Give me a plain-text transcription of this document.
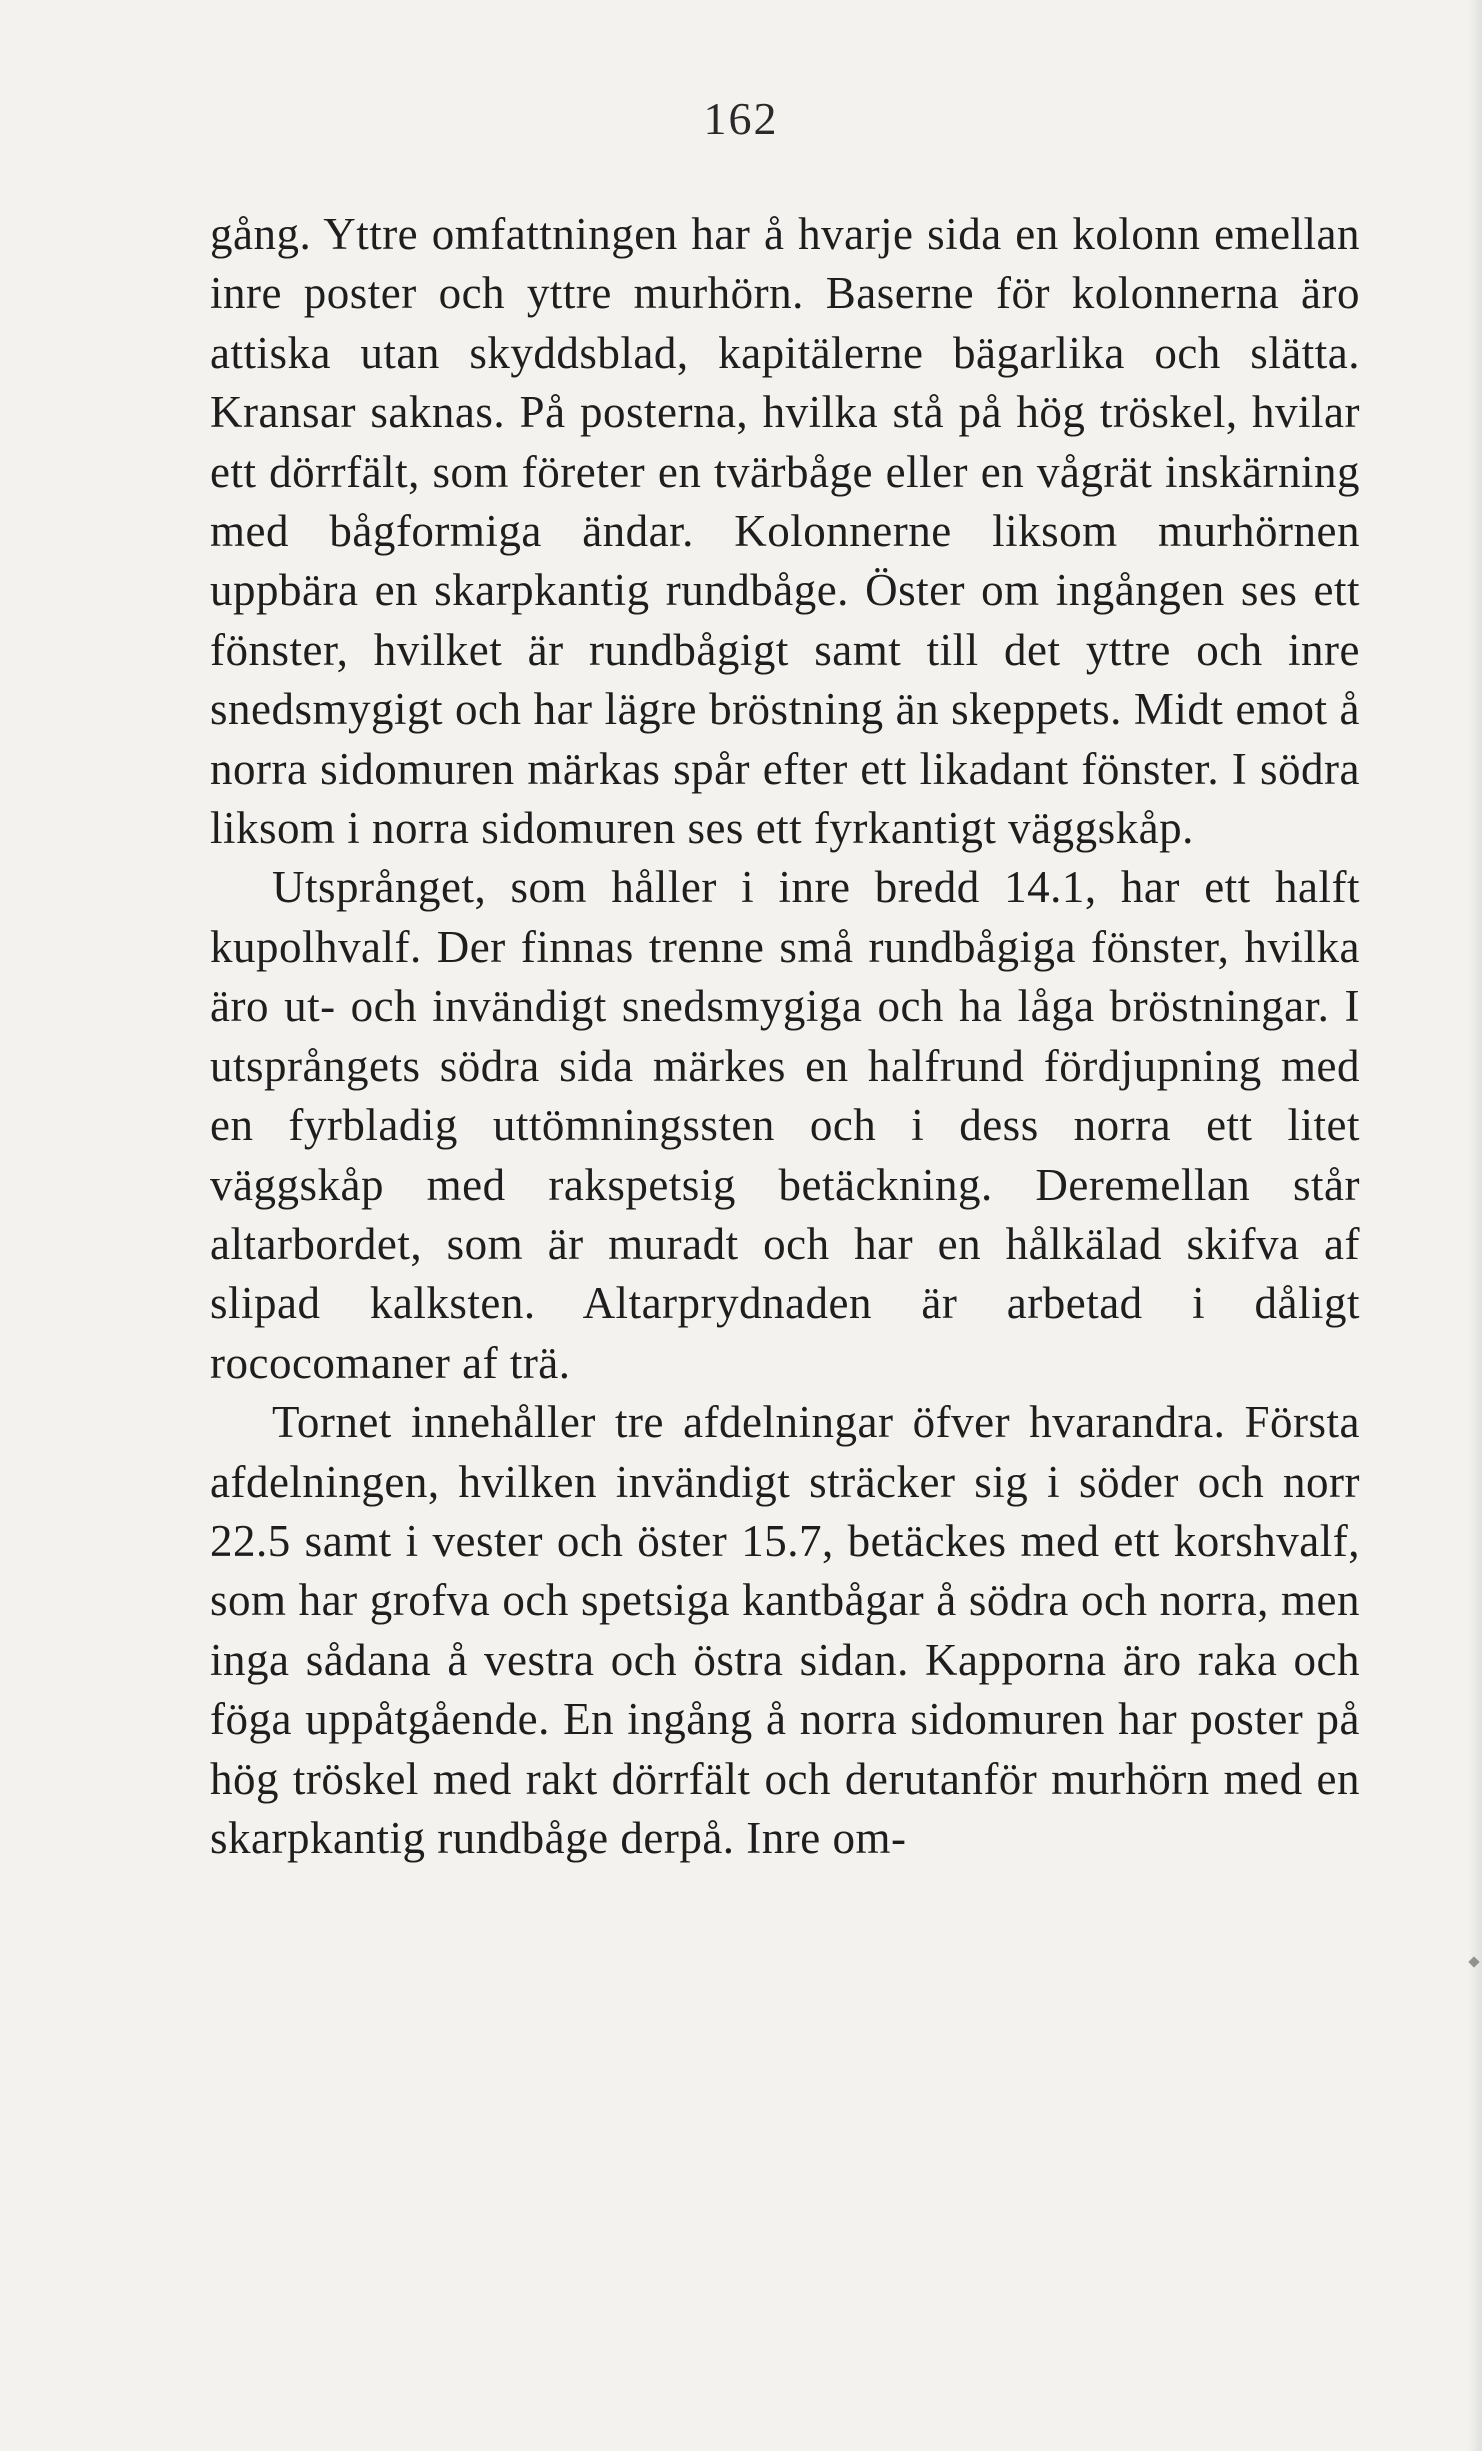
162

gång. Yttre omfattningen har å hvarje sida en kolonn emellan inre poster och yttre murhörn. Baserne för kolonnerna äro attiska utan skyddsblad, kapitälerne bägarlika och slätta. Kransar saknas. På posterna, hvilka stå på hög tröskel, hvilar ett dörrfält, som företer en tvärbåge eller en vågrät inskärning med bågformiga ändar. Kolonnerne liksom murhörnen uppbära en skarpkantig rundbåge. Öster om ingången ses ett fönster, hvilket är rundbågigt samt till det yttre och inre snedsmygigt och har lägre bröstning än skeppets. Midt emot å norra sidomuren märkas spår efter ett likadant fönster. I södra liksom i norra sidomuren ses ett fyrkantigt väggskåp.

Utsprånget, som håller i inre bredd 14.1, har ett halft kupolhvalf. Der finnas trenne små rundbågiga fönster, hvilka äro ut- och invändigt snedsmygiga och ha låga bröstningar. I utsprångets södra sida märkes en halfrund fördjupning med en fyrbladig uttömningssten och i dess norra ett litet väggskåp med rakspetsig betäckning. Deremellan står altarbordet, som är muradt och har en hålkälad skifva af slipad kalksten. Altarprydnaden är arbetad i dåligt rococomaner af trä.

Tornet innehåller tre afdelningar öfver hvarandra. Första afdelningen, hvilken invändigt sträcker sig i söder och norr 22.5 samt i vester och öster 15.7, betäckes med ett korshvalf, som har grofva och spetsiga kantbågar å södra och norra, men inga sådana å vestra och östra sidan. Kapporna äro raka och föga uppåtgående. En ingång å norra sidomuren har poster på hög tröskel med rakt dörrfält och derutanför murhörn med en skarpkantig rundbåge derpå. Inre om-
